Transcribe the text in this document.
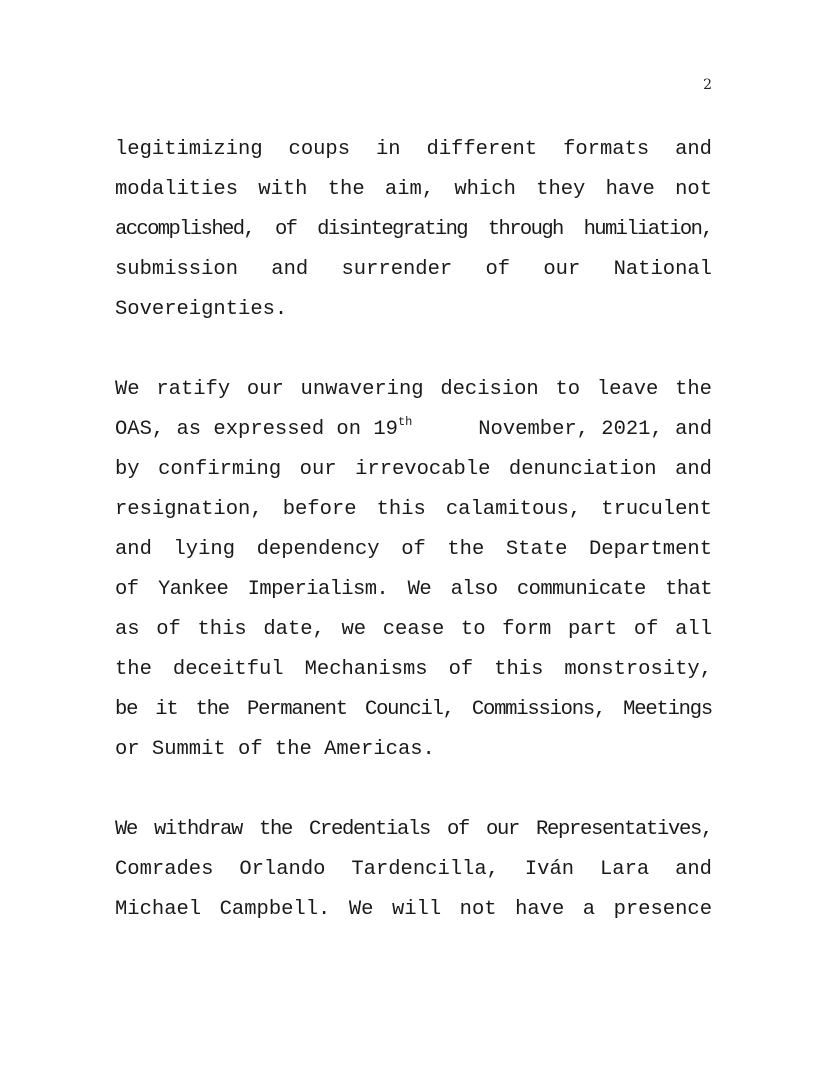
2
legitimizing coups in different formats and
modalities with the aim, which they have not
accomplished, of disintegrating through humiliation,
submission and surrender of our National
Sovereignties.
We ratify our unwavering decision to leave the
OAS, as expressed on 19th	November, 2021, and
by confirming our irrevocable denunciation and
resignation, before this calamitous, truculent
and lying dependency of the State Department
of Yankee Imperialism. We also communicate that
as of this date, we cease to form part of all
the deceitful Mechanisms of this monstrosity,
be it the Permanent Council, Commissions, Meetings
or Summit of the Americas.
We withdraw the Credentials of our Representatives,
Comrades Orlando Tardencilla, Iván Lara and
Michael Campbell. We will not have a presence
